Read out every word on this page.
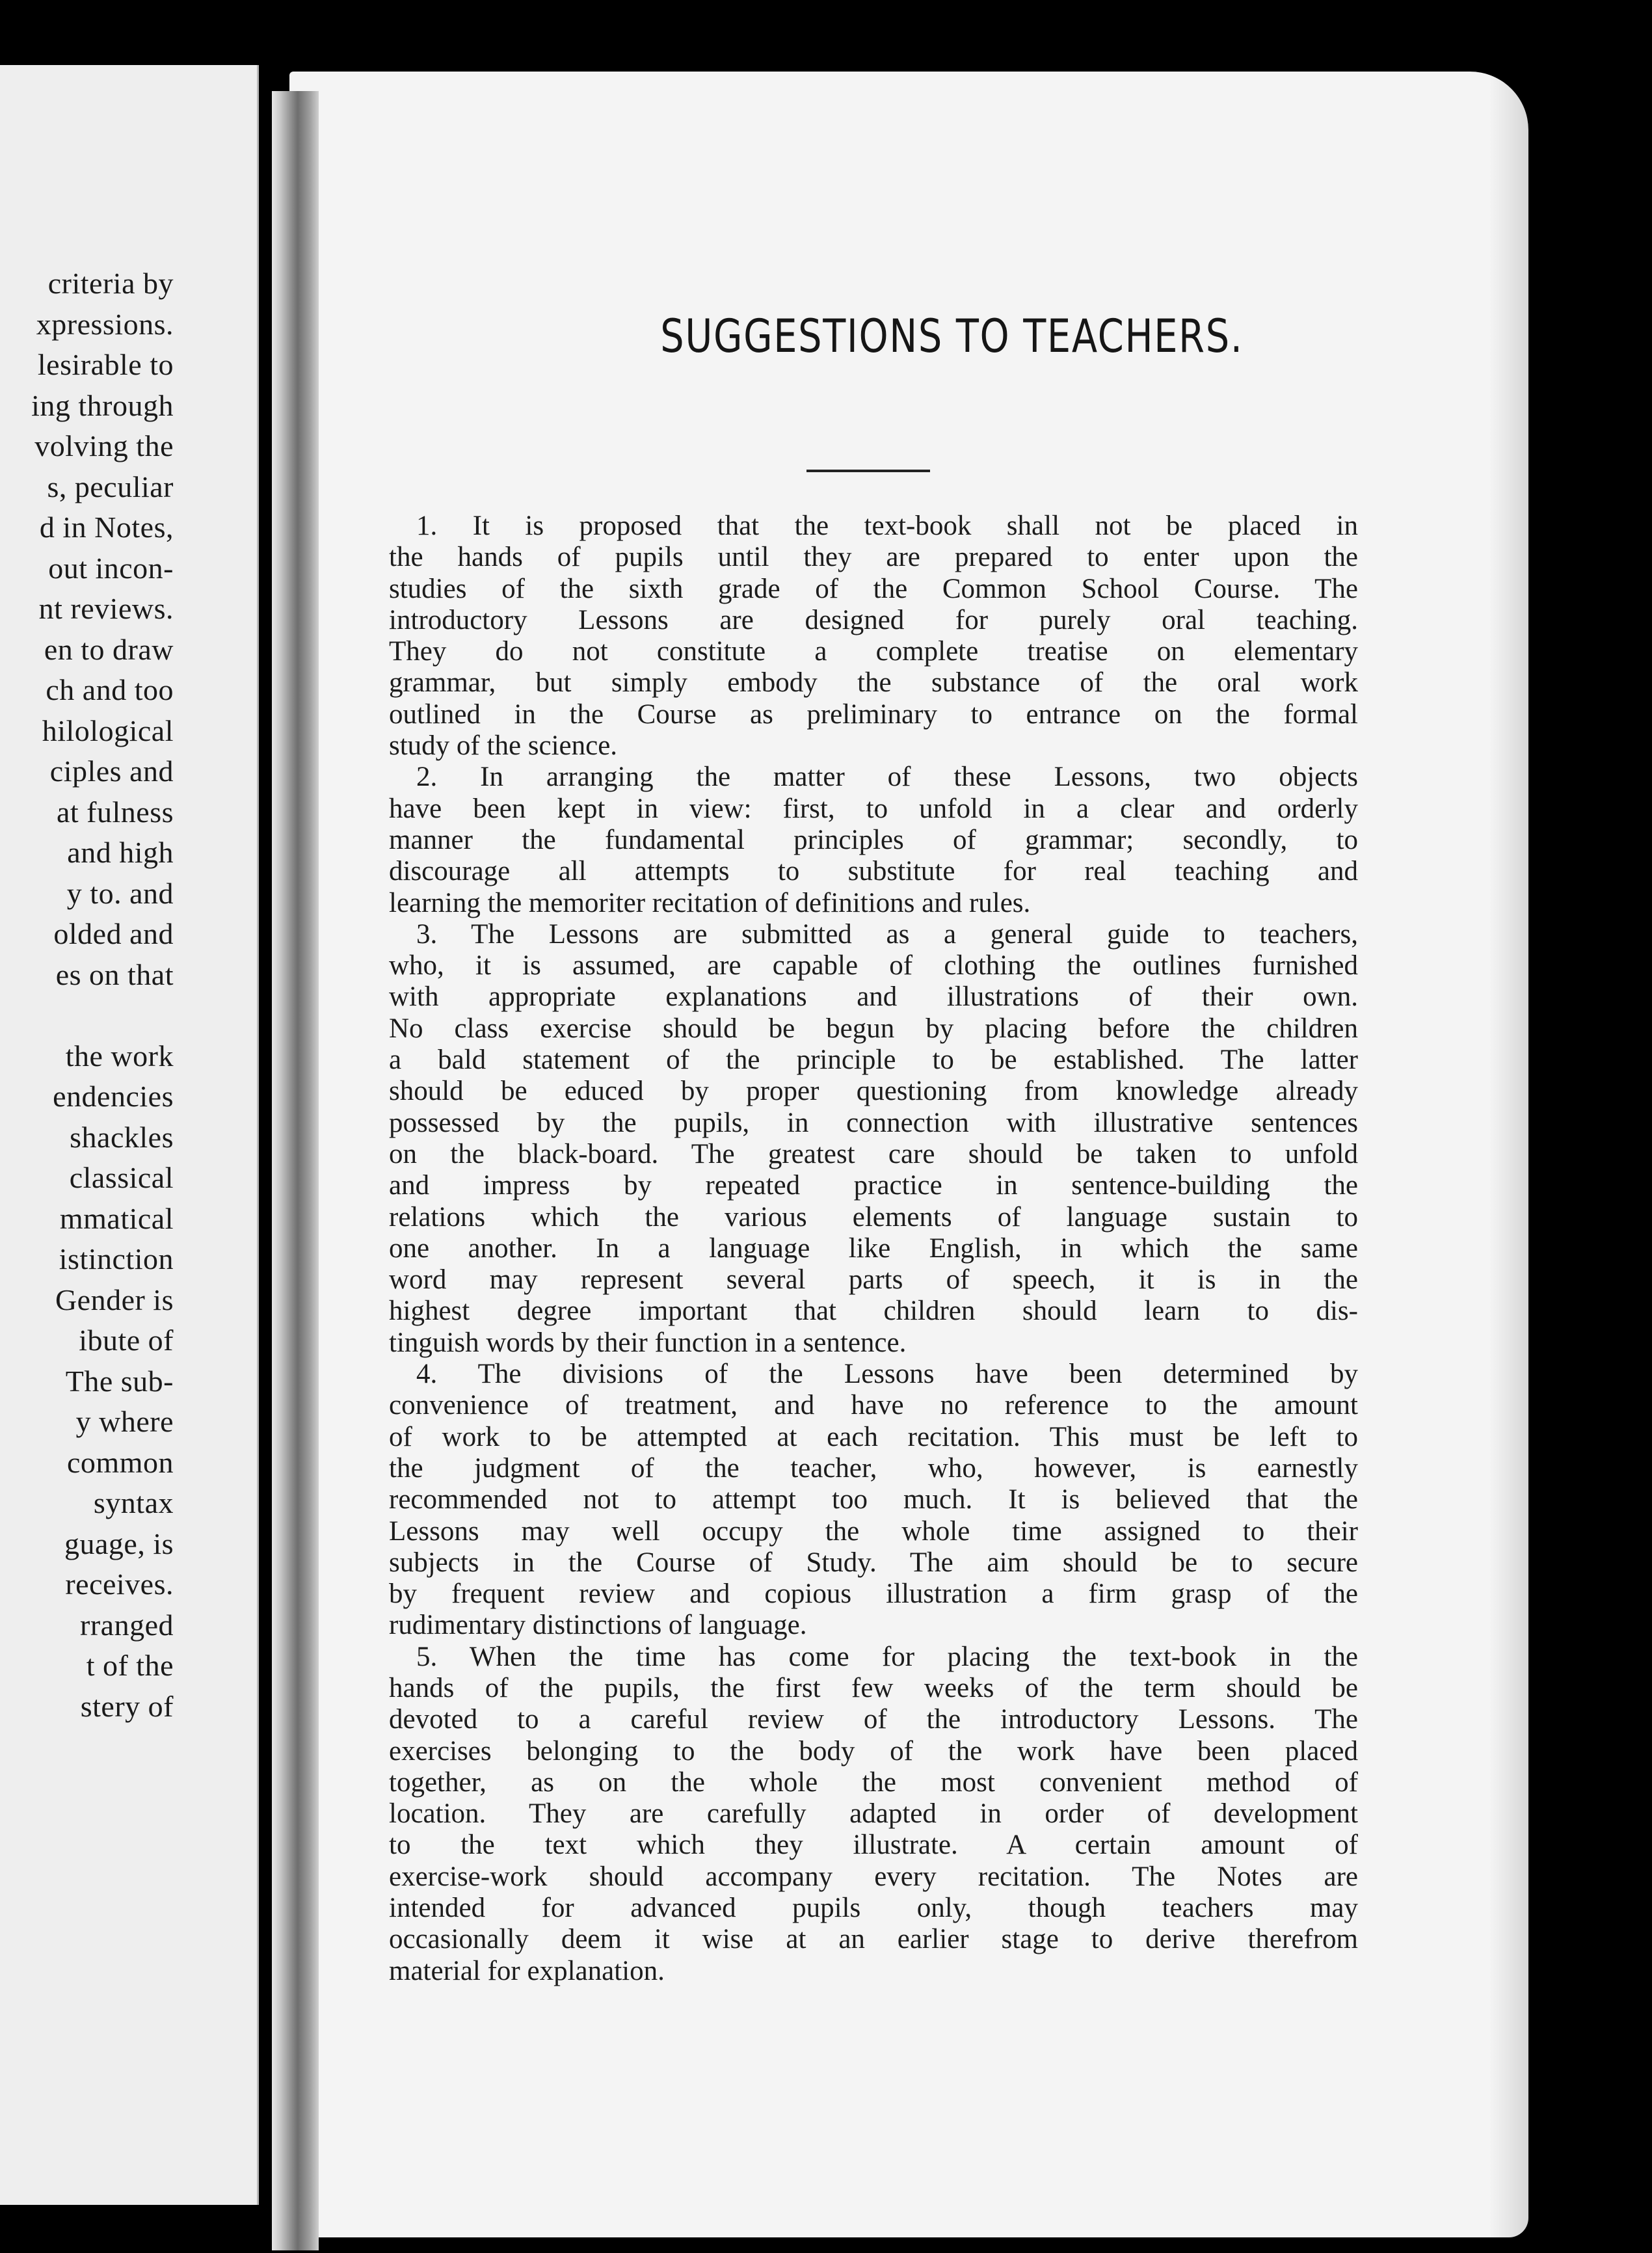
criteria by
xpressions.
lesirable to
ing through
volving the
s, peculiar
d in Notes,
out incon-
nt reviews.
en to draw
ch and too
hilological
ciples and
at fulness
and high
y to. and
olded and
es on that
the work
endencies
shackles
classical
mmatical
istinction
Gender is
ibute of
The sub-
y where
common
syntax
guage, is
receives.
rranged
t of the
stery of
SUGGESTIONS TO TEACHERS.
1. It is proposed that the text-book shall not be placed in
the hands of pupils until they are prepared to enter upon the
studies of the sixth grade of the Common School Course. The
introductory Lessons are designed for purely oral teaching.
They do not constitute a complete treatise on elementary
grammar, but simply embody the substance of the oral work
outlined in the Course as preliminary to entrance on the formal
study of the science.
2. In arranging the matter of these Lessons, two objects
have been kept in view: first, to unfold in a clear and orderly
manner the fundamental principles of grammar; secondly, to
discourage all attempts to substitute for real teaching and
learning the memoriter recitation of definitions and rules.
3. The Lessons are submitted as a general guide to teachers,
who, it is assumed, are capable of clothing the outlines furnished
with appropriate explanations and illustrations of their own.
No class exercise should be begun by placing before the children
a bald statement of the principle to be established. The latter
should be educed by proper questioning from knowledge already
possessed by the pupils, in connection with illustrative sentences
on the black-board. The greatest care should be taken to unfold
and impress by repeated practice in sentence-building the
relations which the various elements of language sustain to
one another. In a language like English, in which the same
word may represent several parts of speech, it is in the
highest degree important that children should learn to dis-
tinguish words by their function in a sentence.
4. The divisions of the Lessons have been determined by
convenience of treatment, and have no reference to the amount
of work to be attempted at each recitation. This must be left to
the judgment of the teacher, who, however, is earnestly
recommended not to attempt too much. It is believed that the
Lessons may well occupy the whole time assigned to their
subjects in the Course of Study. The aim should be to secure
by frequent review and copious illustration a firm grasp of the
rudimentary distinctions of language.
5. When the time has come for placing the text-book in the
hands of the pupils, the first few weeks of the term should be
devoted to a careful review of the introductory Lessons. The
exercises belonging to the body of the work have been placed
together, as on the whole the most convenient method of
location. They are carefully adapted in order of development
to the text which they illustrate. A certain amount of
exercise-work should accompany every recitation. The Notes are
intended for advanced pupils only, though teachers may
occasionally deem it wise at an earlier stage to derive therefrom
material for explanation.
